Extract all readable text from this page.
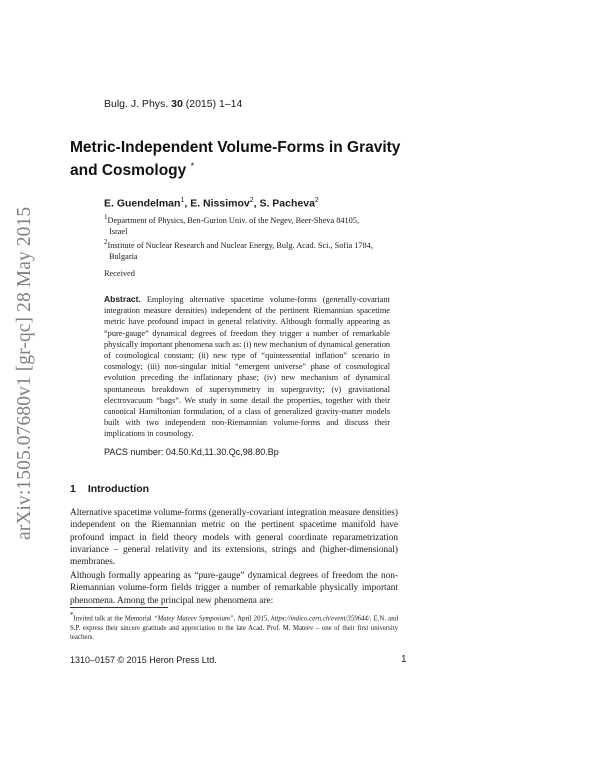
arXiv:1505.07680v1 [gr-qc] 28 May 2015
Bulg. J. Phys. 30 (2015) 1–14
Metric-Independent Volume-Forms in Gravity
and Cosmology *
E. Guendelman$^1$, E. Nissimov$^2$, S. Pacheva$^2$
$^1$Department of Physics, Ben-Gurion Univ. of the Negev, Beer-Sheva 84105,
Israel
$^2$Institute of Nuclear Research and Nuclear Energy, Bulg. Acad. Sci., Sofia 1784,
Bulgaria
Received
Abstract. Employing alternative spacetime volume-forms (generally-covariant integration measure densities) independent of the pertinent Riemannian spacetime metric have profound impact in general relativity. Although formally appearing as “pure-gauge” dynamical degrees of freedom they trigger a number of remarkable physically important phenomena such as: (i) new mechanism of dynamical generation of cosmological constant; (ii) new type of “quintessential inflation” scenario in cosmology; (iii) non-singular initial “emergent universe” phase of cosmological evolution preceding the inflationary phase; (iv) new mechanism of dynamical spontaneous breakdown of supersymmetry in supergravity; (v) gravitational electrovacuum “bags”. We study in some detail the properties, together with their canonical Hamiltonian formulation, of a class of generalized gravity-matter models built with two independent non-Riemannian volume-forms and discuss their implications in cosmology.
PACS number: 04.50.Kd,11.30.Qc,98.80.Bp
1 Introduction
Alternative spacetime volume-forms (generally-covariant integration measure densities) independent on the Riemannian metric on the pertinent spacetime manifold have profound impact in field theory models with general coordinate reparametrization invariance – general relativity and its extensions, strings and (higher-dimensional) membranes.
Although formally appearing as “pure-gauge” dynamical degrees of freedom the non-Riemannian volume-form fields trigger a number of remarkable physically important phenomena. Among the principal new phenomena are:
*Invited talk at the Memorial “Matey Mateev Symposium”, April 2015, https://indico.cern.ch/event/359644/. E.N. and S.P. express their sincere gratitude and appreciation to the late Acad. Prof. M. Mateev – one of their first university teachers.
1310–0157 © 2015 Heron Press Ltd.	1
